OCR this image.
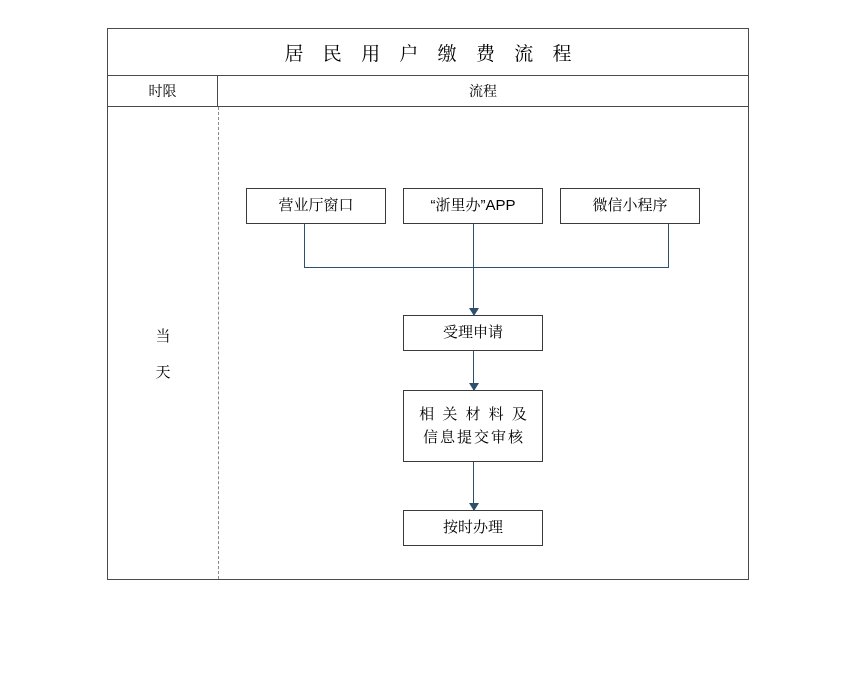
居 民 用 户 缴 费 流 程
时限	流程
当
天
营业厅窗口	“浙里办”APP	微信小程序
受理申请
相 关 材 料 及
信息提交审核
按时办理
